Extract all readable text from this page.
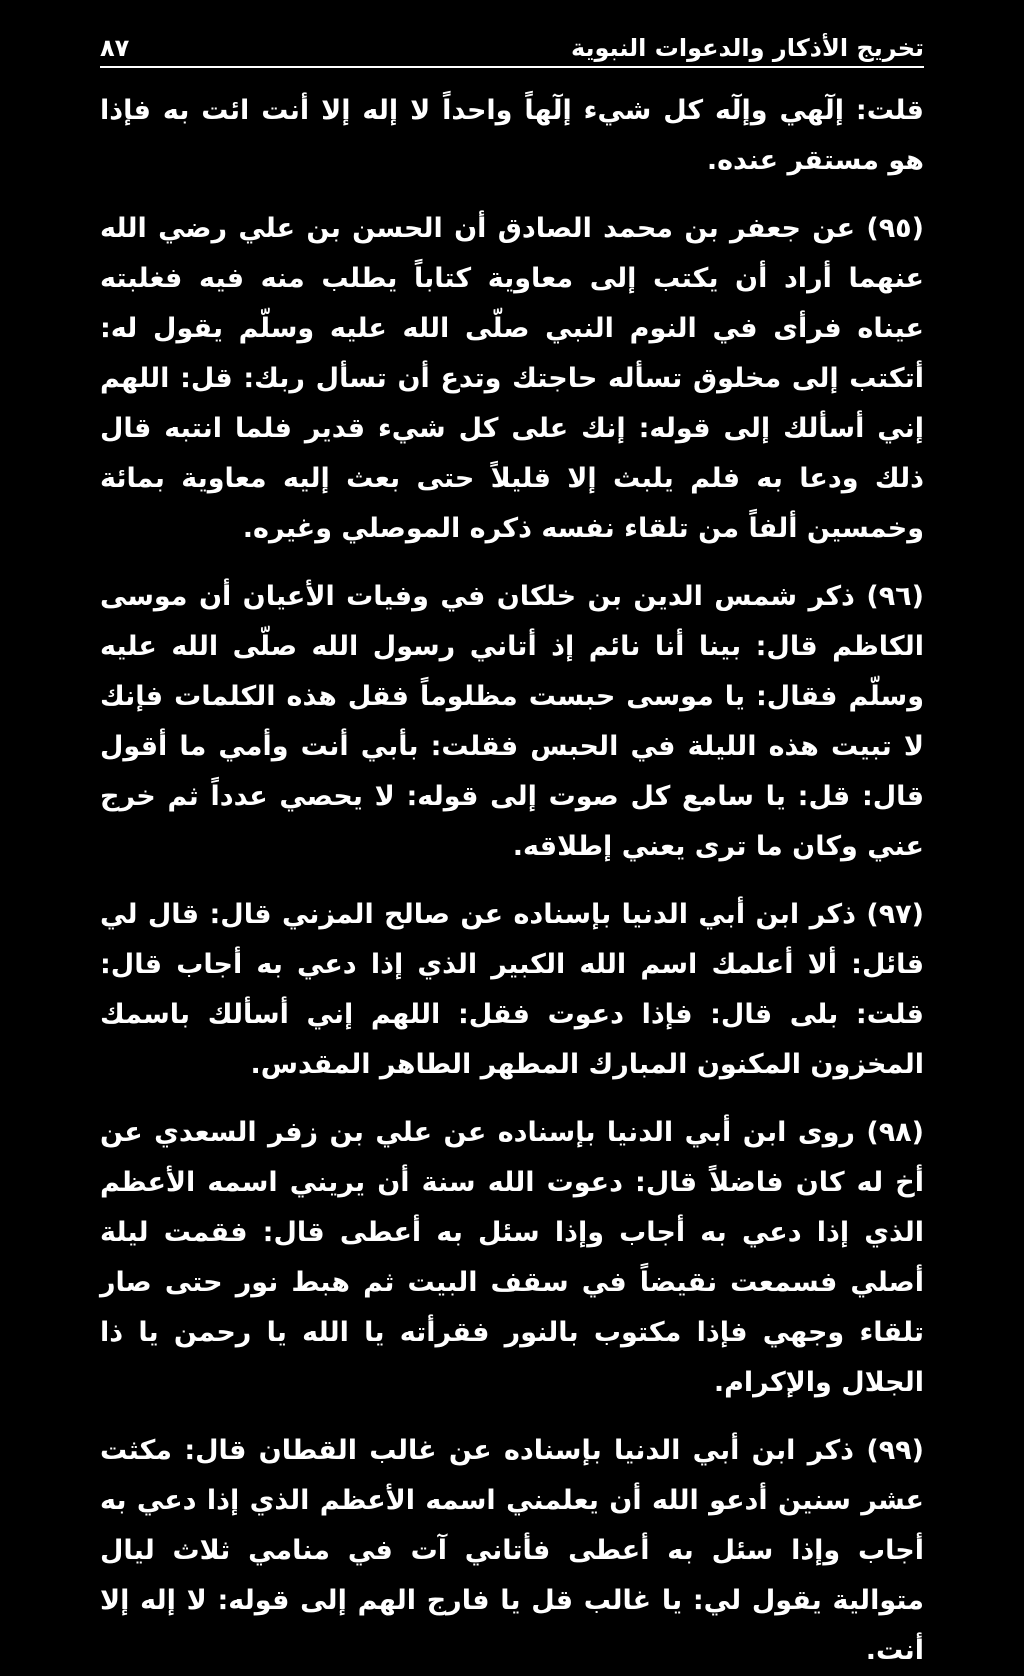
تخريج الأذكار والدعوات النبوية
٨٧

قلت: إلٓهي وإلٓه كل شيء إلٓهاً واحداً لا إله إلا أنت ائت به فإذا هو مستقر عنده.

(٩٥) عن جعفر بن محمد الصادق أن الحسن بن علي رضي الله عنهما أراد أن يكتب إلى معاوية كتاباً يطلب منه فيه فغلبته عيناه فرأى في النوم النبي صلّى الله عليه وسلّم يقول له: أتكتب إلى مخلوق تسأله حاجتك وتدع أن تسأل ربك: قل: اللهم إني أسألك إلى قوله: إنك على كل شيء قدير فلما انتبه قال ذلك ودعا به فلم يلبث إلا قليلاً حتى بعث إليه معاوية بمائة وخمسين ألفاً من تلقاء نفسه ذكره الموصلي وغيره.

(٩٦) ذكر شمس الدين بن خلكان في وفيات الأعيان أن موسى الكاظم قال: بينا أنا نائم إذ أتاني رسول الله صلّى الله عليه وسلّم فقال: يا موسى حبست مظلوماً فقل هذه الكلمات فإنك لا تبيت هذه الليلة في الحبس فقلت: بأبي أنت وأمي ما أقول قال: قل: يا سامع كل صوت إلى قوله: لا يحصي عدداً ثم خرج عني وكان ما ترى يعني إطلاقه.

(٩٧) ذكر ابن أبي الدنيا بإسناده عن صالح المزني قال: قال لي قائل: ألا أعلمك اسم الله الكبير الذي إذا دعي به أجاب قال: قلت: بلى قال: فإذا دعوت فقل: اللهم إني أسألك باسمك المخزون المكنون المبارك المطهر الطاهر المقدس.

(٩٨) روى ابن أبي الدنيا بإسناده عن علي بن زفر السعدي عن أخ له كان فاضلاً قال: دعوت الله سنة أن يريني اسمه الأعظم الذي إذا دعي به أجاب وإذا سئل به أعطى قال: فقمت ليلة أصلي فسمعت نقيضاً في سقف البيت ثم هبط نور حتى صار تلقاء وجهي فإذا مكتوب بالنور فقرأته يا الله يا رحمن يا ذا الجلال والإكرام.

(٩٩) ذكر ابن أبي الدنيا بإسناده عن غالب القطان قال: مكثت عشر سنين أدعو الله أن يعلمني اسمه الأعظم الذي إذا دعي به أجاب وإذا سئل به أعطى فأتاني آت في منامي ثلاث ليال متوالية يقول لي: يا غالب قل يا فارج الهم إلى قوله: لا إله إلا أنت.
